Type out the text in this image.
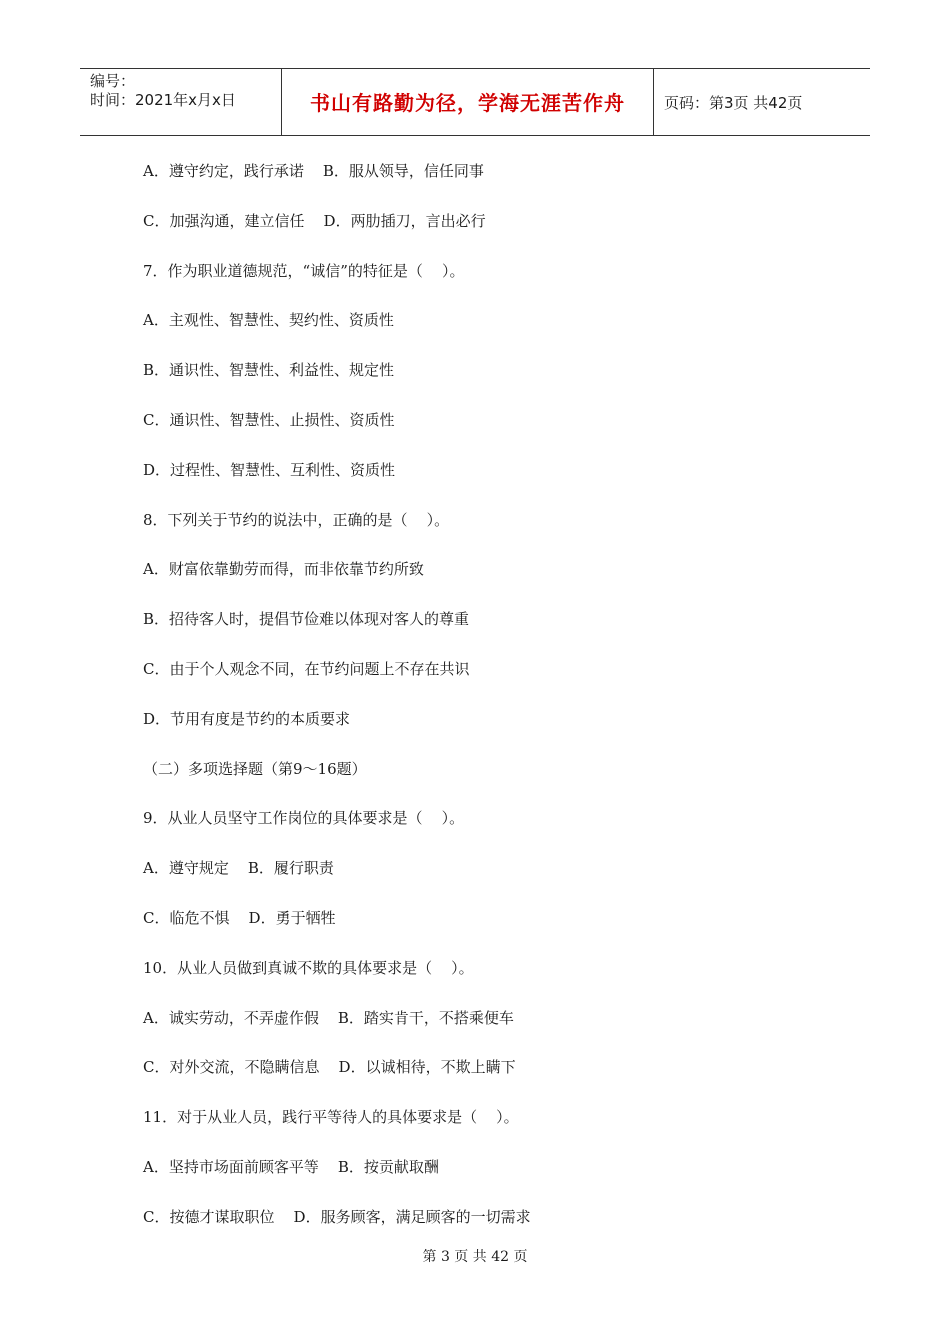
编号：
时间：2021年x月x日	书山有路勤为径，学海无涯苦作舟	页码：第3页 共42页
A．遵守约定，践行承诺    B．服从领导，信任同事
C．加强沟通，建立信任    D．两肋插刀，言出必行
7．作为职业道德规范，“诚信”的特征是（    ）。
A．主观性、智慧性、契约性、资质性
B．通识性、智慧性、利益性、规定性
C．通识性、智慧性、止损性、资质性
D．过程性、智慧性、互利性、资质性
8．下列关于节约的说法中，正确的是（    ）。
A．财富依靠勤劳而得，而非依靠节约所致
B．招待客人时，提倡节俭难以体现对客人的尊重
C．由于个人观念不同，在节约问题上不存在共识
D．节用有度是节约的本质要求
（二）多项选择题（第9～16题）
9．从业人员坚守工作岗位的具体要求是（    ）。
A．遵守规定    B．履行职责
C．临危不惧    D．勇于牺牲
10．从业人员做到真诚不欺的具体要求是（    ）。
A．诚实劳动，不弄虚作假    B．踏实肯干，不搭乘便车
C．对外交流，不隐瞒信息    D．以诚相待，不欺上瞒下
11．对于从业人员，践行平等待人的具体要求是（    ）。
A．坚持市场面前顾客平等    B．按贡献取酬
C．按德才谋取职位    D．服务顾客，满足顾客的一切需求
第 3 页 共 42 页
